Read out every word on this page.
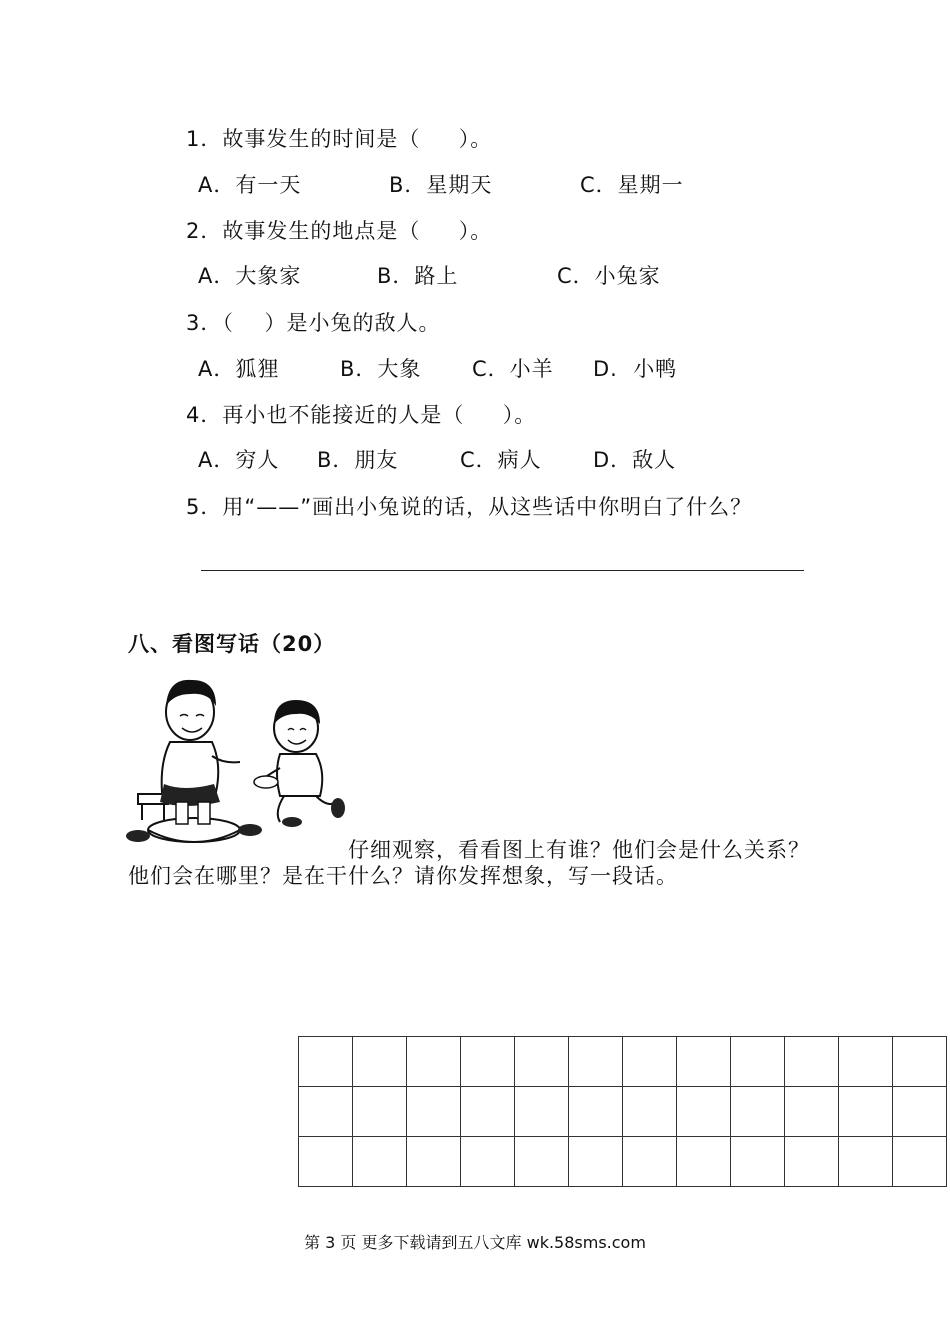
1．故事发生的时间是（     ）。
A．有一天	B．星期天	C．星期一
2．故事发生的地点是（     ）。
A．大象家	B．路上	C．小兔家
3．（    ）是小兔的敌人。
A．狐狸	B．大象 C．小羊 D.  小鸭
4．再小也不能接近的人是（     ）。
A．穷人 B．朋友	C．病人 D．敌人
5．用“——”画出小兔说的话，从这些话中你明白了什么？
八、看图写话（20）
仔细观察，看看图上有谁？他们会是什么关系？
他们会在哪里？是在干什么？请你发挥想象，写一段话。

第 3 页 更多下载请到五八文库 wk.58sms.com
